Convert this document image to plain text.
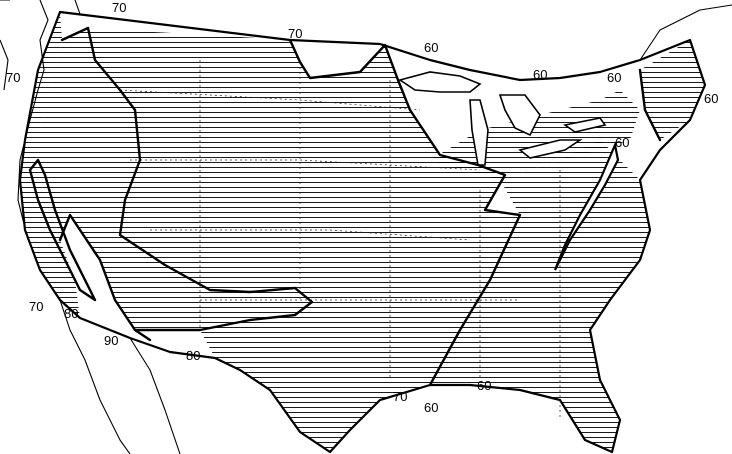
70
70
70
60
60	60
60
60
70 80
90
80
70
60
60
